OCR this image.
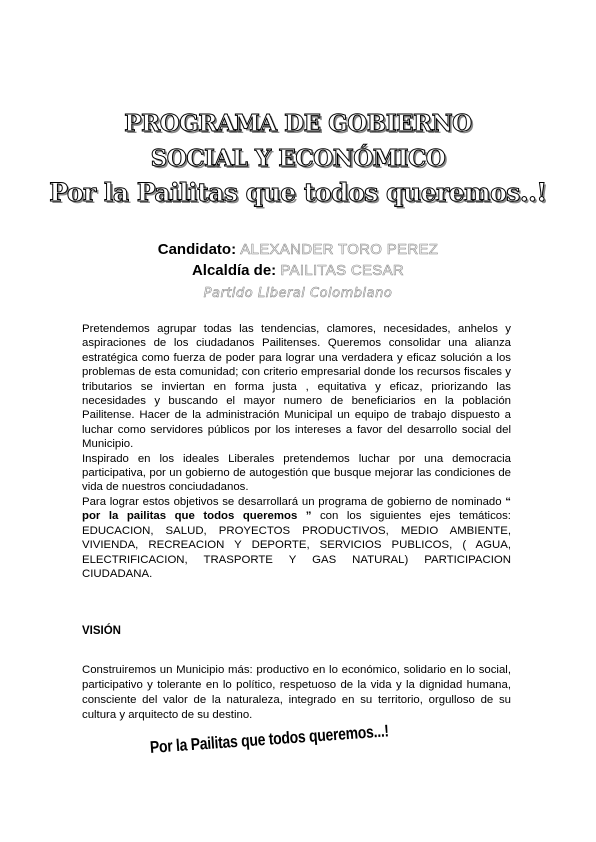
PROGRAMA DE GOBIERNO
SOCIAL Y ECONÓMICO
Por la Pailitas que todos queremos..!
Candidato: ALEXANDER TORO PEREZ
Alcaldía de: PAILITAS CESAR
Partido Liberal Colombiano

Pretendemos agrupar todas las tendencias, clamores, necesidades, anhelos y aspiraciones de los ciudadanos Pailitenses. Queremos consolidar una alianza estratégica como fuerza de poder para lograr una verdadera y eficaz solución a los problemas de esta comunidad; con criterio empresarial donde los recursos fiscales y tributarios se inviertan en forma justa , equitativa y eficaz, priorizando las necesidades y buscando el mayor numero de beneficiarios en la población Pailitense. Hacer de la administración Municipal un equipo de trabajo dispuesto a luchar como servidores públicos por los intereses a favor del desarrollo social del Municipio.

Inspirado en los ideales Liberales pretendemos luchar por una democracia participativa, por un gobierno de autogestión que busque mejorar las condiciones de vida de nuestros conciudadanos.

Para lograr estos objetivos se desarrollará un programa de gobierno de nominado “ por la pailitas que todos queremos ” con los siguientes ejes temáticos: EDUCACION, SALUD, PROYECTOS PRODUCTIVOS, MEDIO AMBIENTE, VIVIENDA, RECREACION Y DEPORTE, SERVICIOS PUBLICOS, ( AGUA, ELECTRIFICACION, TRASPORTE Y GAS NATURAL) PARTICIPACION CIUDADANA.

VISIÓN
Construiremos un Municipio más: productivo en lo económico, solidario en lo social, participativo y tolerante en lo político, respetuoso de la vida y la dignidad humana, consciente del valor de la naturaleza, integrado en su territorio, orgulloso de su cultura y arquitecto de su destino.
Por la Pailitas que todos queremos...!
